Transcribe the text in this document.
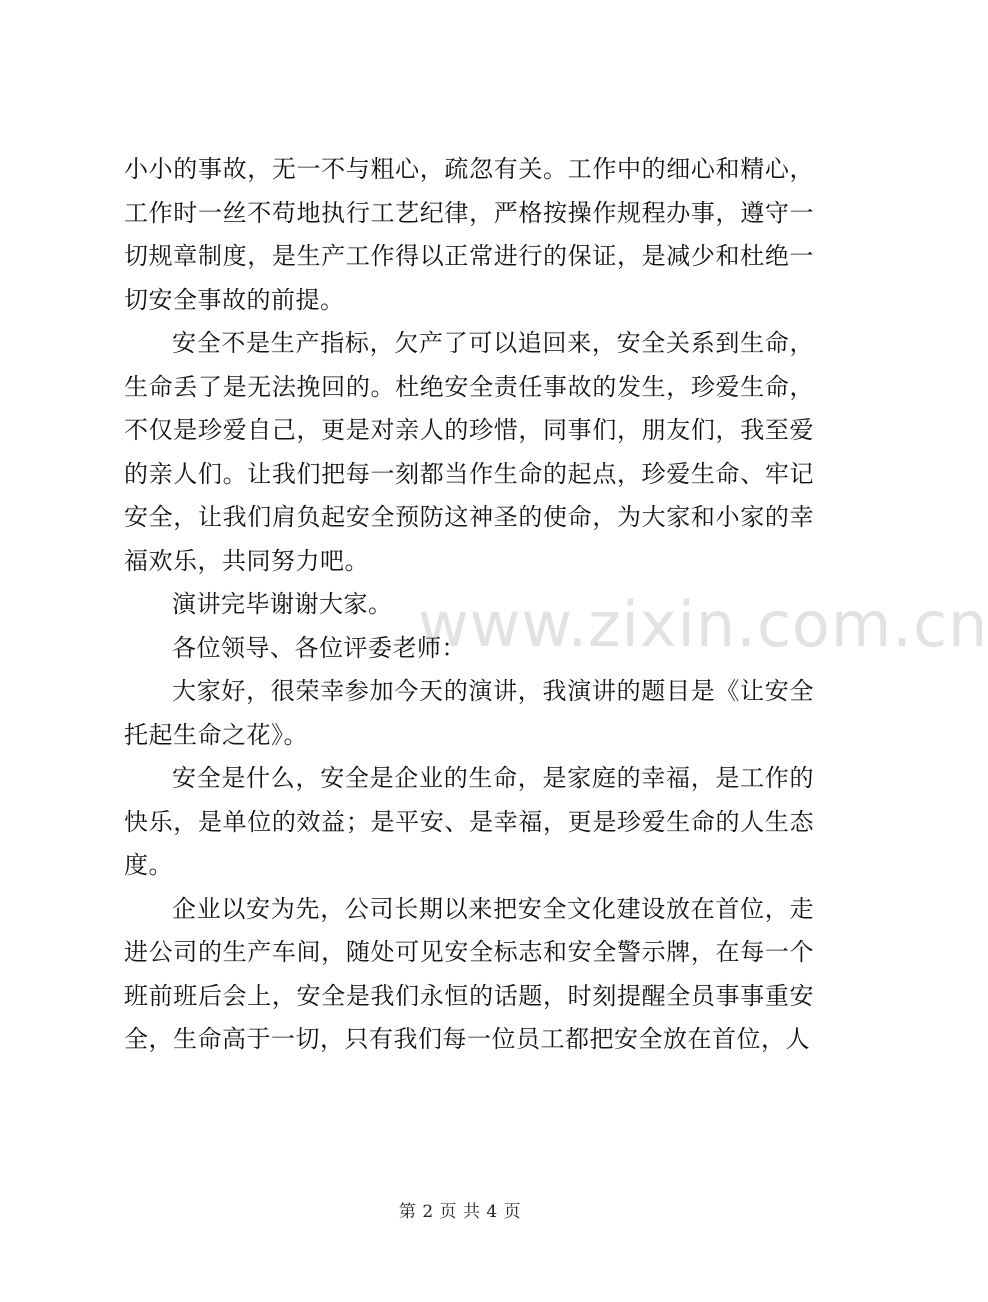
www.zixin.com.cn

小小的事故，无一不与粗心，疏忽有关。工作中的细心和精心，工作时一丝不苟地执行工艺纪律，严格按操作规程办事，遵守一切规章制度，是生产工作得以正常进行的保证，是减少和杜绝一切安全事故的前提。

安全不是生产指标，欠产了可以追回来，安全关系到生命，生命丢了是无法挽回的。杜绝安全责任事故的发生，珍爱生命，不仅是珍爱自己，更是对亲人的珍惜，同事们，朋友们，我至爱的亲人们。让我们把每一刻都当作生命的起点，珍爱生命、牢记安全，让我们肩负起安全预防这神圣的使命，为大家和小家的幸福欢乐，共同努力吧。

演讲完毕谢谢大家。

各位领导、各位评委老师：

大家好，很荣幸参加今天的演讲，我演讲的题目是《让安全托起生命之花》。

安全是什么，安全是企业的生命，是家庭的幸福，是工作的快乐，是单位的效益；是平安、是幸福，更是珍爱生命的人生态度。

企业以安为先，公司长期以来把安全文化建设放在首位，走进公司的生产车间，随处可见安全标志和安全警示牌，在每一个班前班后会上，安全是我们永恒的话题，时刻提醒全员事事重安全，生命高于一切，只有我们每一位员工都把安全放在首位，人

第 2 页 共 4 页
